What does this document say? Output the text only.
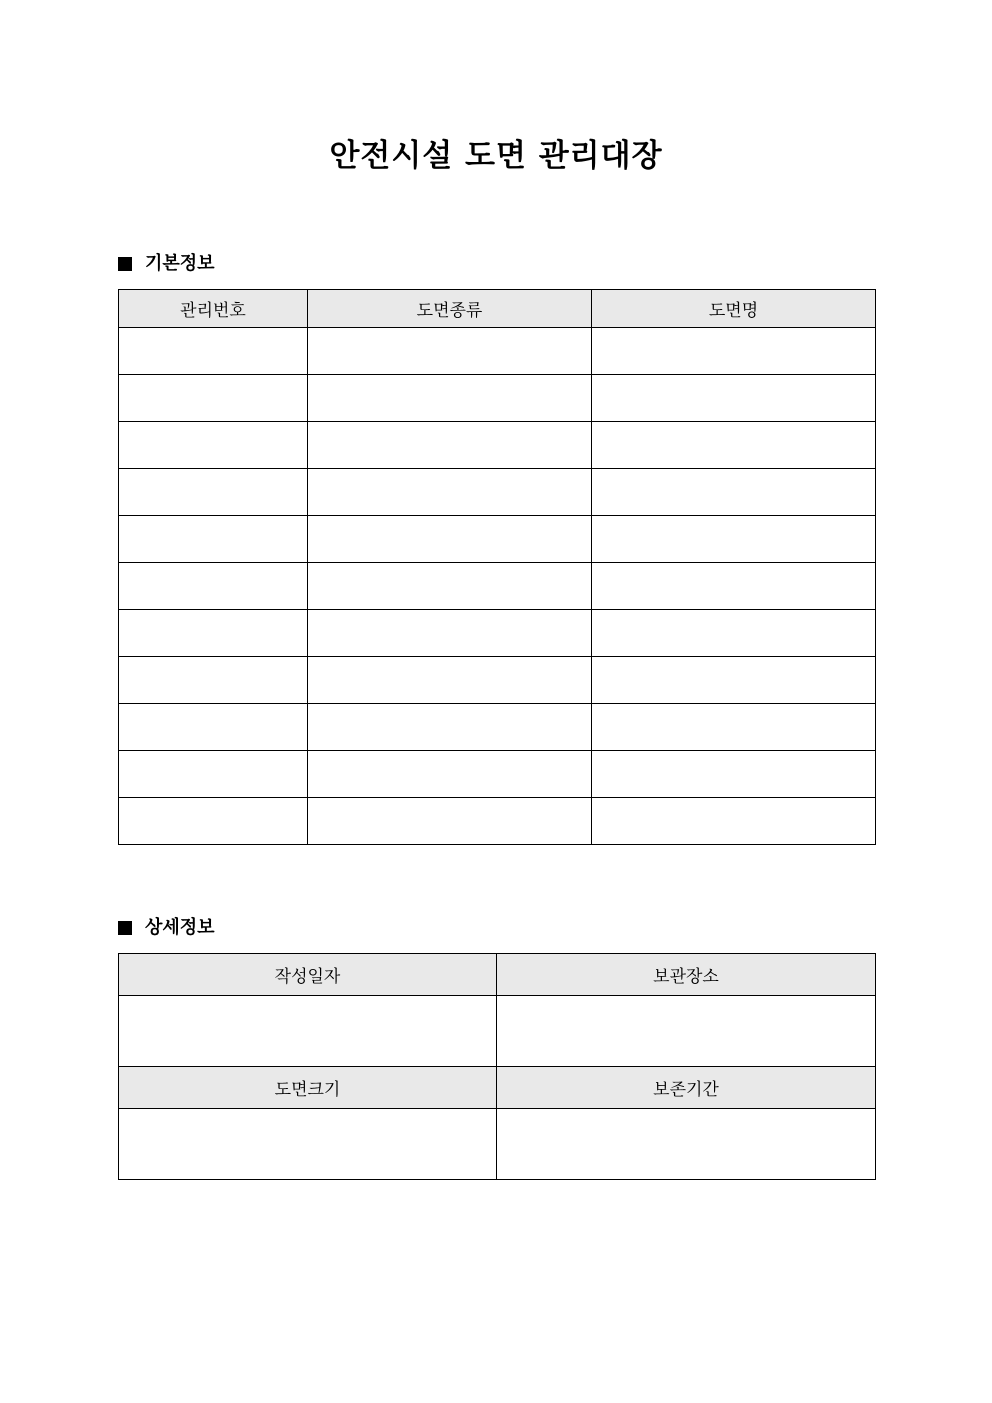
안전시설 도면 관리대장
기본정보
관리번호	도면종류	도면명

상세정보
작성일자	보관장소

도면크기	보존기간
